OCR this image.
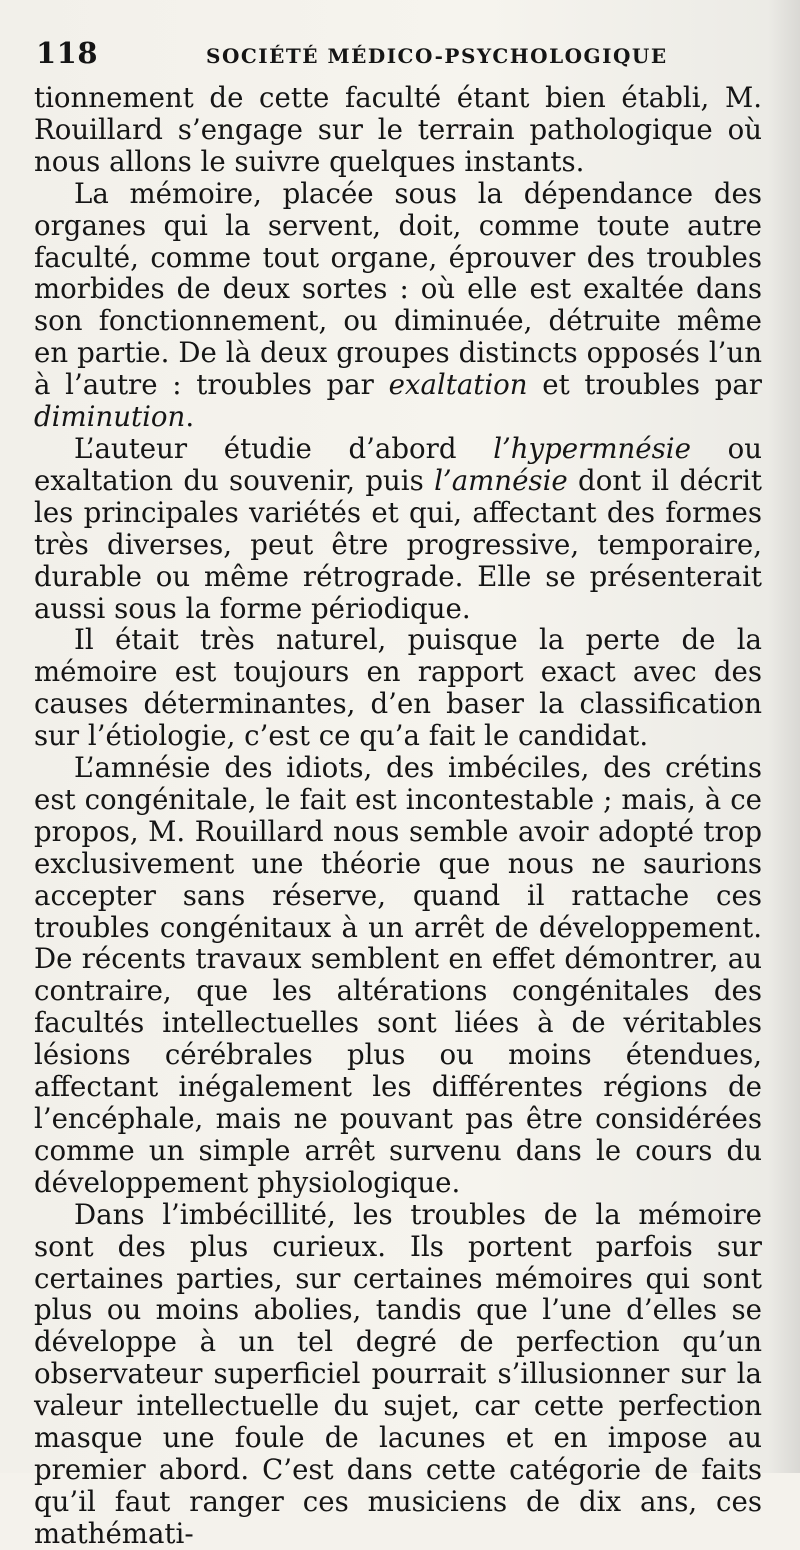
118	SOCIÉTÉ MÉDICO-PSYCHOLOGIQUE

tionnement de cette faculté étant bien établi, M. Rouillard s’engage sur le terrain pathologique où nous allons le suivre quelques instants.

La mémoire, placée sous la dépendance des organes qui la servent, doit, comme toute autre faculté, comme tout organe, éprouver des troubles morbides de deux sortes : où elle est exaltée dans son fonctionnement, ou diminuée, détruite même en partie. De là deux groupes distincts opposés l’un à l’autre : troubles par exaltation et troubles par diminution.

L’auteur étudie d’abord l’hypermnésie ou exaltation du souvenir, puis l’amnésie dont il décrit les principales variétés et qui, affectant des formes très diverses, peut être progressive, temporaire, durable ou même rétrograde. Elle se présenterait aussi sous la forme périodique.

Il était très naturel, puisque la perte de la mémoire est toujours en rapport exact avec des causes déterminantes, d’en baser la classification sur l’étiologie, c’est ce qu’a fait le candidat.

L’amnésie des idiots, des imbéciles, des crétins est congénitale, le fait est incontestable ; mais, à ce propos, M. Rouillard nous semble avoir adopté trop exclusivement une théorie que nous ne saurions accepter sans réserve, quand il rattache ces troubles congénitaux à un arrêt de développement. De récents travaux semblent en effet démontrer, au contraire, que les altérations congénitales des facultés intellectuelles sont liées à de véritables lésions cérébrales plus ou moins étendues, affectant inégalement les différentes régions de l’encéphale, mais ne pouvant pas être considérées comme un simple arrêt survenu dans le cours du développement physiologique.

Dans l’imbécillité, les troubles de la mémoire sont des plus curieux. Ils portent parfois sur certaines parties, sur certaines mémoires qui sont plus ou moins abolies, tandis que l’une d’elles se développe à un tel degré de perfection qu’un observateur superficiel pourrait s’illusionner sur la valeur intellectuelle du sujet, car cette perfection masque une foule de lacunes et en impose au premier abord. C’est dans cette catégorie de faits qu’il faut ranger ces musiciens de dix ans, ces mathémati-
